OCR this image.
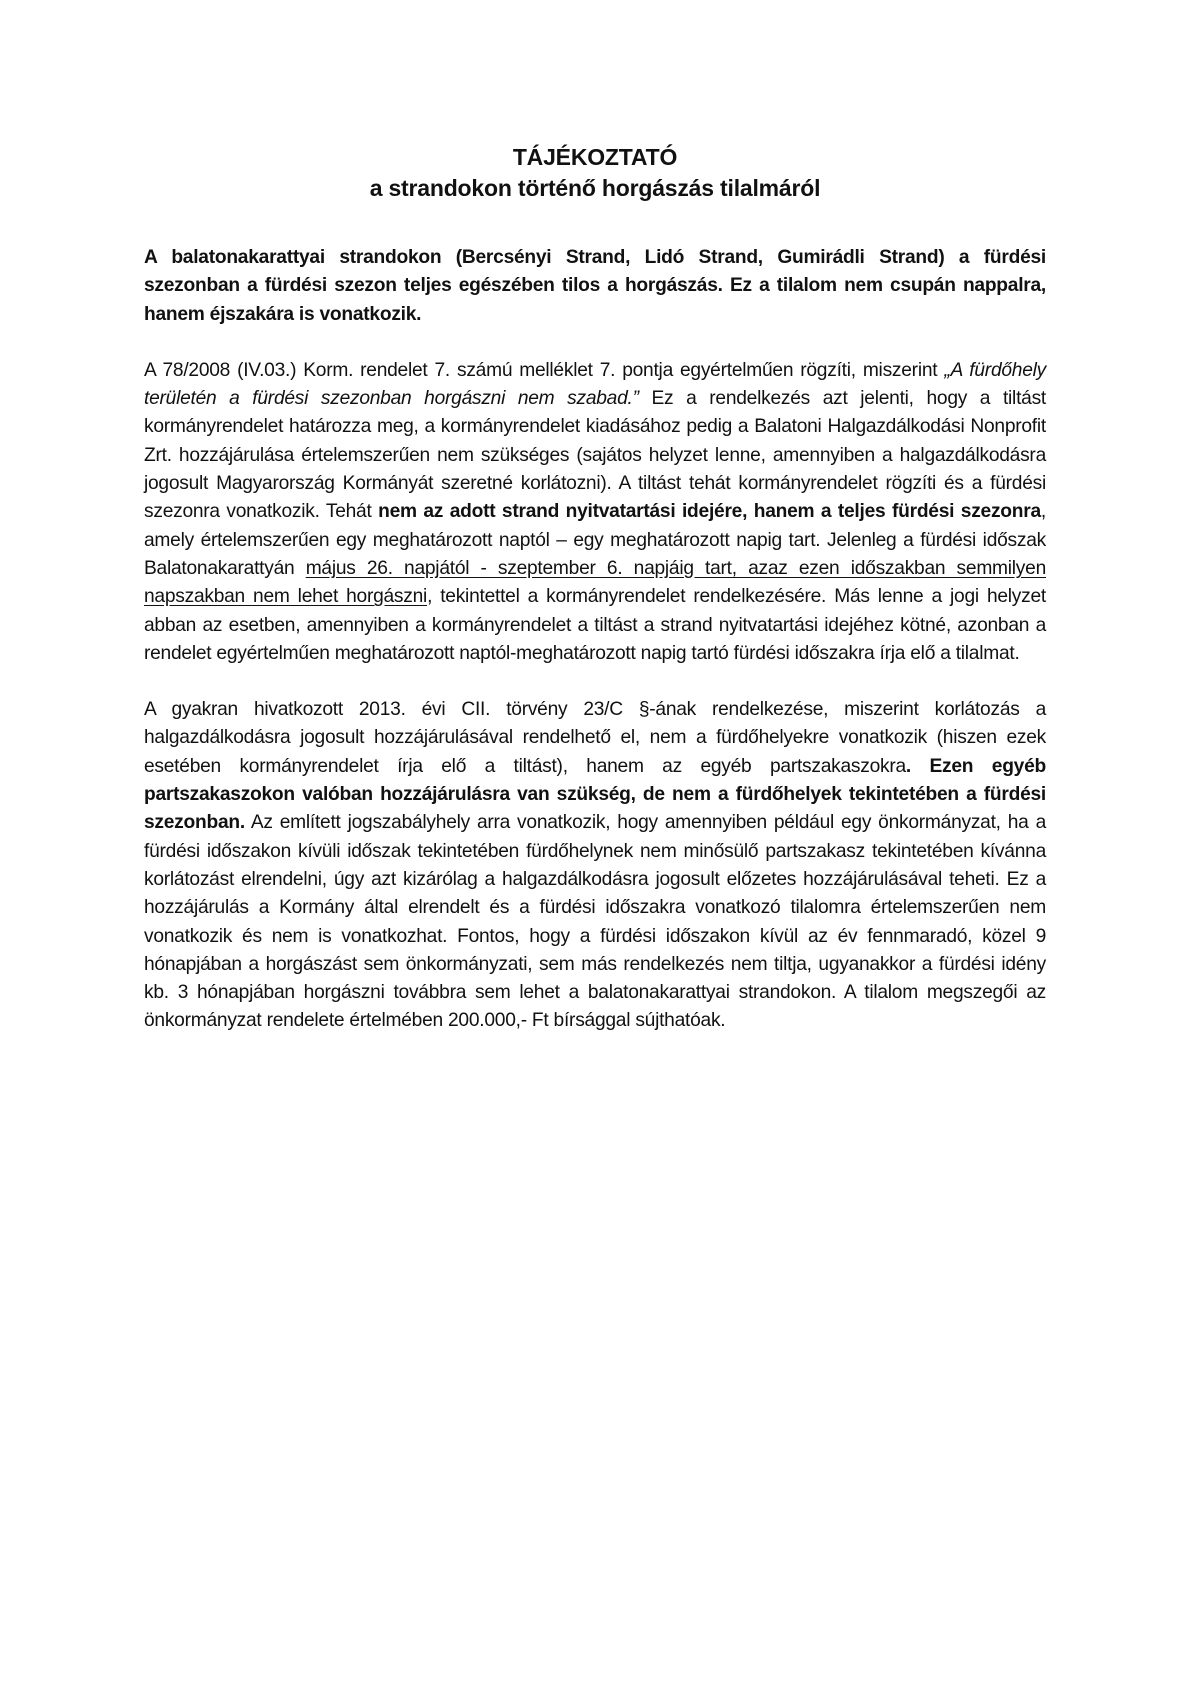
TÁJÉKOZTATÓ
a strandokon történő horgászás tilalmáról

A balatonakarattyai strandokon (Bercsényi Strand, Lidó Strand, Gumirádli Strand) a fürdési szezonban a fürdési szezon teljes egészében tilos a horgászás. Ez a tilalom nem csupán nappalra, hanem éjszakára is vonatkozik.

A 78/2008 (IV.03.) Korm. rendelet 7. számú melléklet 7. pontja egyértelműen rögzíti, miszerint „A fürdőhely területén a fürdési szezonban horgászni nem szabad.” Ez a rendelkezés azt jelenti, hogy a tiltást kormányrendelet határozza meg, a kormányrendelet kiadásához pedig a Balatoni Halgazdálkodási Nonprofit Zrt. hozzájárulása értelemszerűen nem szükséges (sajátos helyzet lenne, amennyiben a halgazdálkodásra jogosult Magyarország Kormányát szeretné korlátozni). A tiltást tehát kormányrendelet rögzíti és a fürdési szezonra vonatkozik. Tehát nem az adott strand nyitvatartási idejére, hanem a teljes fürdési szezonra, amely értelemszerűen egy meghatározott naptól – egy meghatározott napig tart. Jelenleg a fürdési időszak Balatonakarattyán május 26. napjától - szeptember 6. napjáig tart, azaz ezen időszakban semmilyen napszakban nem lehet horgászni, tekintettel a kormányrendelet rendelkezésére. Más lenne a jogi helyzet abban az esetben, amennyiben a kormányrendelet a tiltást a strand nyitvatartási idejéhez kötné, azonban a rendelet egyértelműen meghatározott naptól-meghatározott napig tartó fürdési időszakra írja elő a tilalmat.

A gyakran hivatkozott 2013. évi CII. törvény 23/C §-ának rendelkezése, miszerint korlátozás a halgazdálkodásra jogosult hozzájárulásával rendelhető el, nem a fürdőhelyekre vonatkozik (hiszen ezek esetében kormányrendelet írja elő a tiltást), hanem az egyéb partszakaszokra. Ezen egyéb partszakaszokon valóban hozzájárulásra van szükség, de nem a fürdőhelyek tekintetében a fürdési szezonban. Az említett jogszabályhely arra vonatkozik, hogy amennyiben például egy önkormányzat, ha a fürdési időszakon kívüli időszak tekintetében fürdőhelynek nem minősülő partszakasz tekintetében kívánna korlátozást elrendelni, úgy azt kizárólag a halgazdálkodásra jogosult előzetes hozzájárulásával teheti. Ez a hozzájárulás a Kormány által elrendelt és a fürdési időszakra vonatkozó tilalomra értelemszerűen nem vonatkozik és nem is vonatkozhat. Fontos, hogy a fürdési időszakon kívül az év fennmaradó, közel 9 hónapjában a horgászást sem önkormányzati, sem más rendelkezés nem tiltja, ugyanakkor a fürdési idény kb. 3 hónapjában horgászni továbbra sem lehet a balatonakarattyai strandokon. A tilalom megszegői az önkormányzat rendelete értelmében 200.000,- Ft bírsággal sújthatóak.
